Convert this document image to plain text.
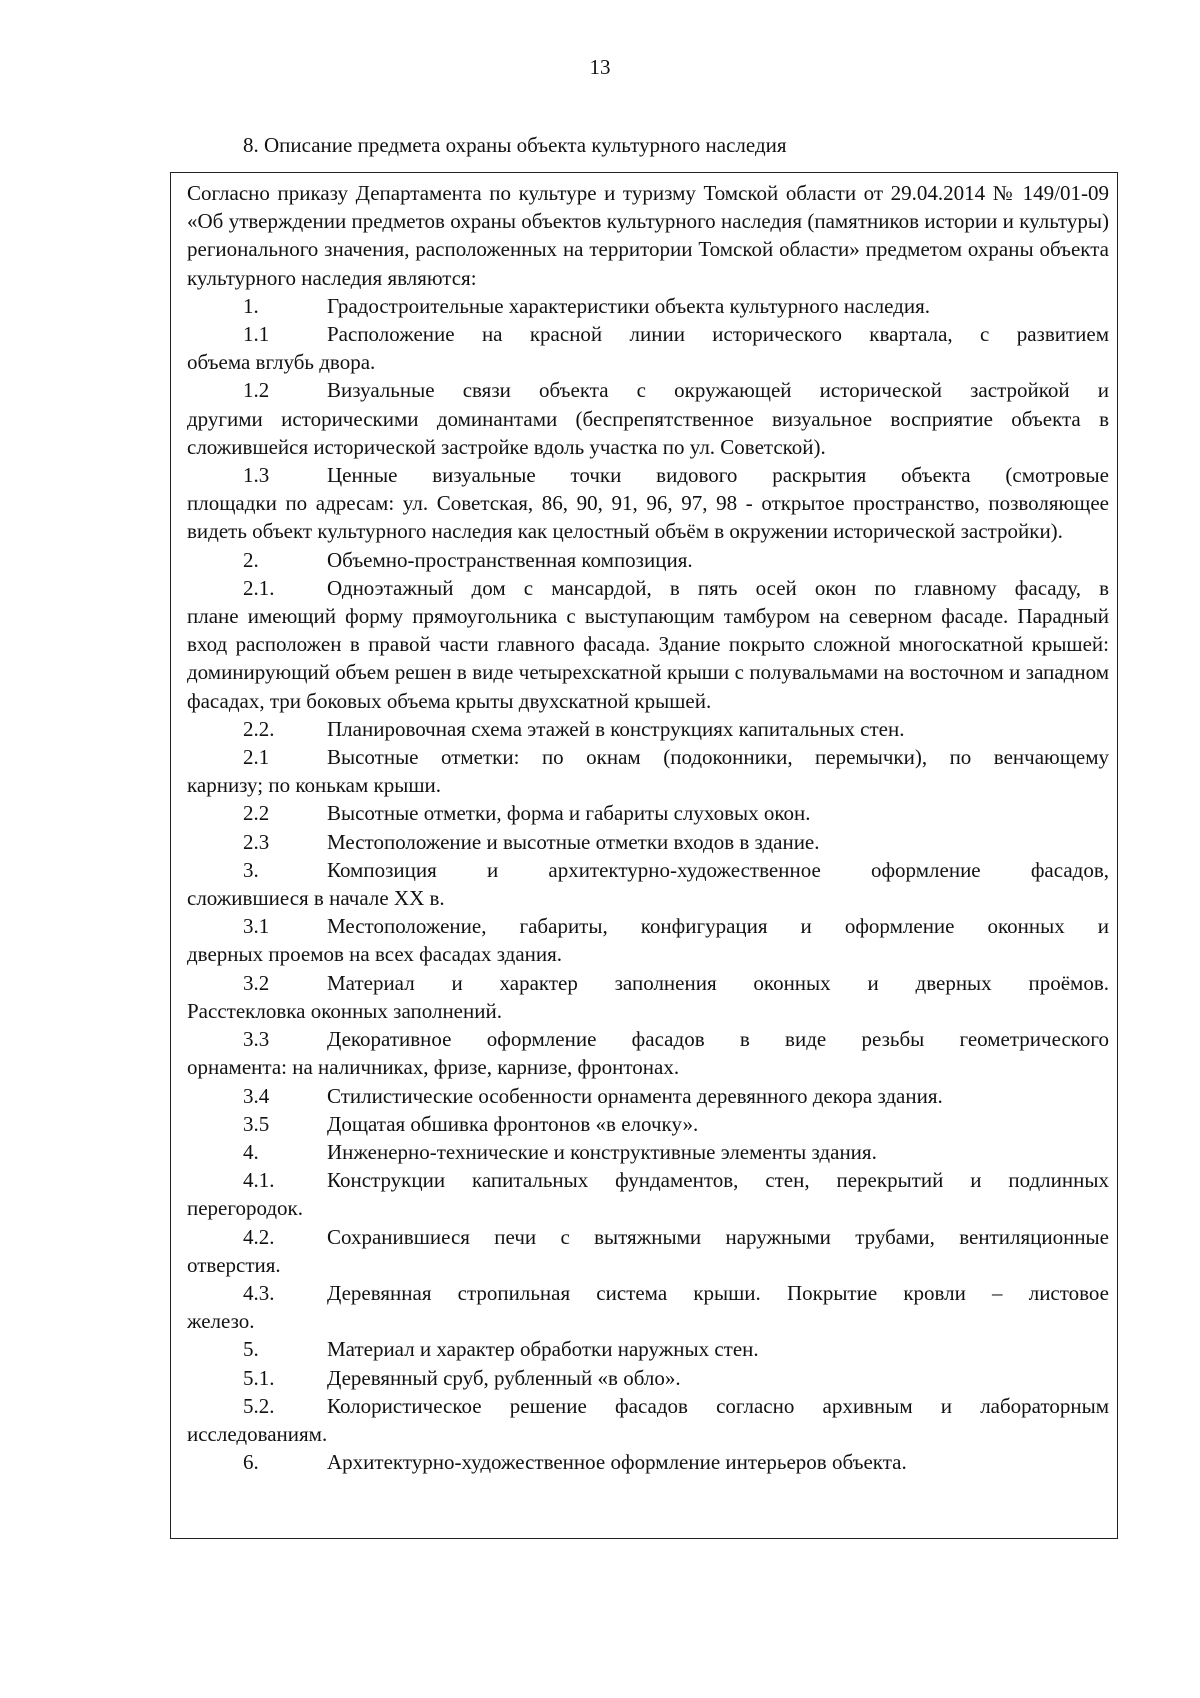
13
8. Описание предмета охраны объекта культурного наследия

Согласно приказу Департамента по культуре и туризму Томской области от 29.04.2014 № 149/01-09 «Об утверждении предметов охраны объектов культурного наследия (памятников истории и культуры) регионального значения, расположенных на территории Томской области» предметом охраны объекта культурного наследия являются:

1.	Градостроительные характеристики объекта культурного наследия.

1.1	Расположение на красной линии исторического квартала, с развитием
объема вглубь двора.

1.2	Визуальные связи объекта с окружающей исторической застройкой и
другими историческими доминантами (беспрепятственное визуальное восприятие объекта в сложившейся исторической застройке вдоль участка по ул. Советской).

1.3	Ценные визуальные точки видового раскрытия объекта (смотровые
площадки по адресам: ул. Советская, 86, 90, 91, 96, 97, 98 - открытое пространство, позволяющее видеть объект культурного наследия как целостный объём в окружении исторической застройки).

2.	Объемно-пространственная композиция.

2.1.	Одноэтажный дом с мансардой, в пять осей окон по главному фасаду, в
плане имеющий форму прямоугольника с выступающим тамбуром на северном фасаде. Парадный вход расположен в правой части главного фасада. Здание покрыто сложной многоскатной крышей: доминирующий объем решен в виде четырехскатной крыши с полувальмами на восточном и западном фасадах, три боковых объема крыты двухскатной крышей.

2.2.	Планировочная схема этажей в конструкциях капитальных стен.

2.1	Высотные отметки: по окнам (подоконники, перемычки), по венчающему
карнизу; по конькам крыши.

2.2	Высотные отметки, форма и габариты слуховых окон.

2.3	Местоположение и высотные отметки входов в здание.

3.	Композиция и архитектурно-художественное оформление фасадов,
сложившиеся в начале XX в.

3.1	Местоположение, габариты, конфигурация и оформление оконных и
дверных проемов на всех фасадах здания.

3.2	Материал и характер заполнения оконных и дверных проёмов.
Расстекловка оконных заполнений.

3.3	Декоративное оформление фасадов в виде резьбы геометрического
орнамента: на наличниках, фризе, карнизе, фронтонах.

3.4	Стилистические особенности орнамента деревянного декора здания.

3.5	Дощатая обшивка фронтонов «в елочку».

4.	Инженерно-технические и конструктивные элементы здания.

4.1.	Конструкции капитальных фундаментов, стен, перекрытий и подлинных
перегородок.

4.2.	Сохранившиеся печи с вытяжными наружными трубами, вентиляционные
отверстия.

4.3.	Деревянная стропильная система крыши. Покрытие кровли – листовое
железо.

5.	Материал и характер обработки наружных стен.

5.1.	Деревянный сруб, рубленный «в обло».

5.2.	Колористическое решение фасадов согласно архивным и лабораторным
исследованиям.

6.	Архитектурно-художественное оформление интерьеров объекта.
